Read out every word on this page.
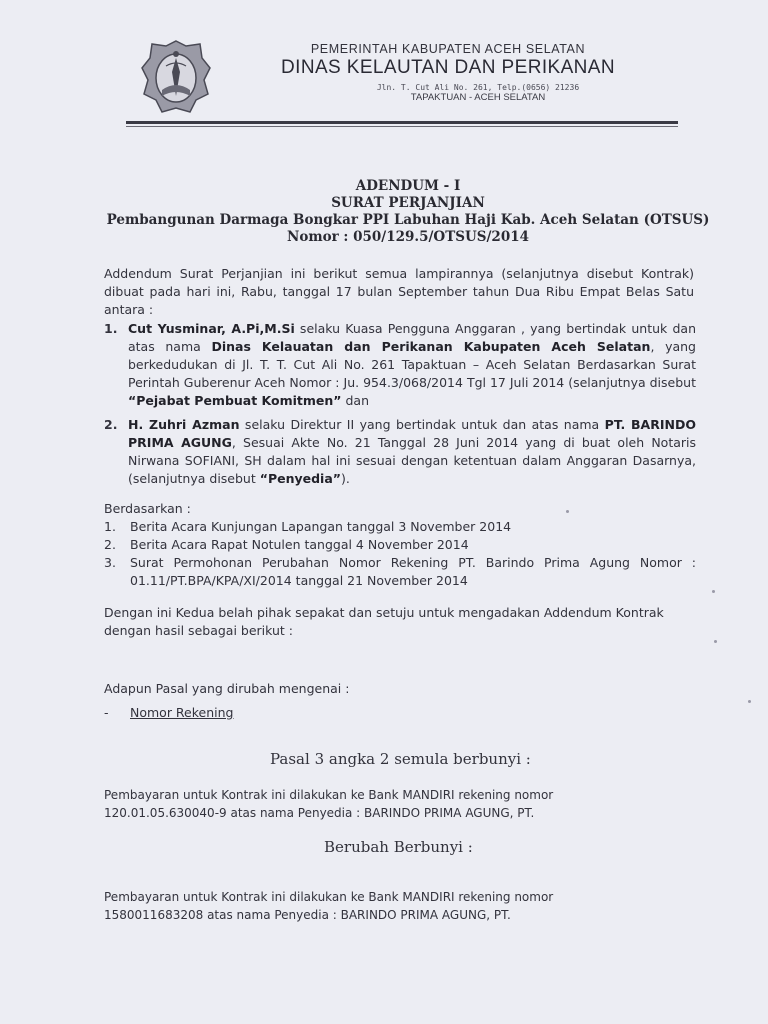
PEMERINTAH KABUPATEN ACEH SELATAN
DINAS KELAUTAN DAN PERIKANAN
Jln. T. Cut Ali No. 261, Telp.(0656) 21236
TAPAKTUAN - ACEH SELATAN
ADENDUM - I
SURAT PERJANJIAN
Pembangunan Darmaga Bongkar PPI Labuhan Haji Kab. Aceh Selatan (OTSUS)
Nomor : 050/129.5/OTSUS/2014
Addendum Surat Perjanjian ini berikut semua lampirannya (selanjutnya disebut Kontrak) dibuat pada hari ini, Rabu, tanggal 17 bulan September tahun Dua Ribu Empat Belas Satu antara :
1. Cut Yusminar, A.Pi,M.Si selaku Kuasa Pengguna Anggaran , yang bertindak untuk dan atas nama Dinas Kelauatan dan Perikanan Kabupaten Aceh Selatan, yang berkedudukan di Jl. T. T. Cut Ali No. 261 Tapaktuan – Aceh Selatan Berdasarkan Surat Perintah Guberenur Aceh Nomor : Ju. 954.3/068/2014 Tgl 17 Juli 2014 (selanjutnya disebut “Pejabat Pembuat Komitmen” dan
2. H. Zuhri Azman selaku Direktur II yang bertindak untuk dan atas nama PT. BARINDO PRIMA AGUNG, Sesuai Akte No. 21 Tanggal 28 Juni 2014 yang di buat oleh Notaris Nirwana SOFIANI, SH dalam hal ini sesuai dengan ketentuan dalam Anggaran Dasarnya, (selanjutnya disebut “Penyedia”).
Berdasarkan :
1.	Berita Acara Kunjungan Lapangan tanggal 3 November 2014
2.	Berita Acara Rapat Notulen tanggal 4 November 2014
3.	Surat Permohonan Perubahan Nomor Rekening PT. Barindo Prima Agung Nomor : 01.11/PT.BPA/KPA/XI/2014 tanggal 21 November 2014
Dengan ini Kedua belah pihak sepakat dan setuju untuk mengadakan Addendum Kontrak dengan hasil sebagai berikut :
Adapun Pasal yang dirubah mengenai :
- Nomor Rekening
Pasal 3 angka 2 semula berbunyi :
Pembayaran untuk Kontrak ini dilakukan ke Bank MANDIRI rekening nomor
120.01.05.630040-9 atas nama Penyedia : BARINDO PRIMA AGUNG, PT.
Berubah Berbunyi :
Pembayaran untuk Kontrak ini dilakukan ke Bank MANDIRI rekening nomor
1580011683208 atas nama Penyedia : BARINDO PRIMA AGUNG, PT.
